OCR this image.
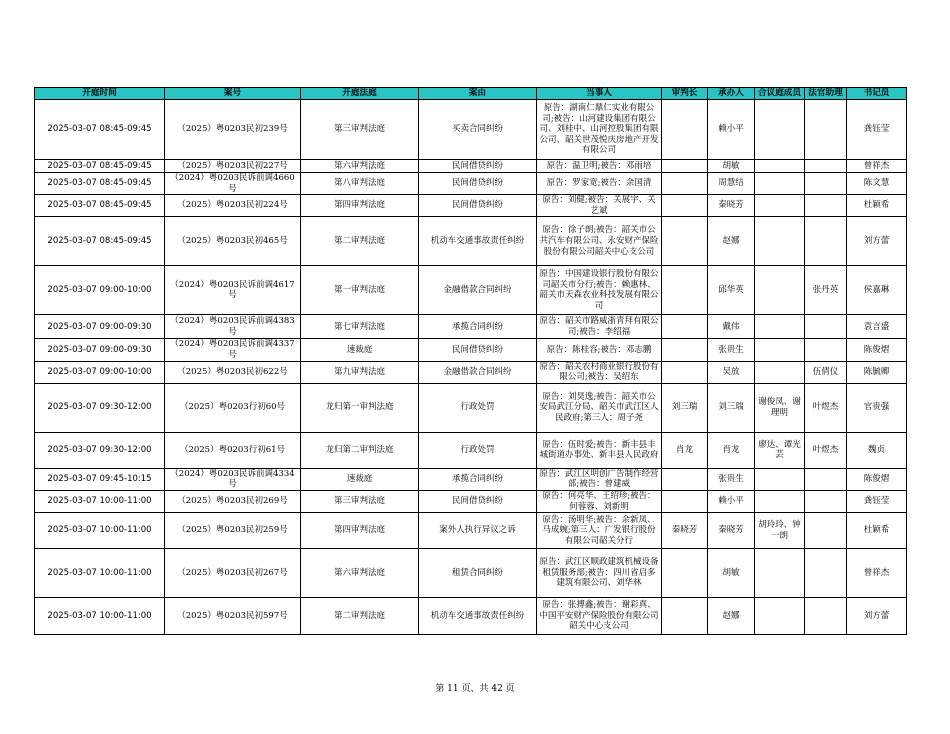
开庭时间	案号	开庭法庭	案由	当事人	审判长	承办人	合议庭成员	法官助理	书记员
2025-03-07 08:45-09:45	（2025）粤0203民初239号	第三审判法庭	买卖合同纠纷	原告：湖南仁鼎仁实业有限公司;被告：山河建设集团有限公司、刘桂中、山河控股集团有限公司、韶关世茂悦庆房地产开发有限公司		赖小平			龚钰莹
2025-03-07 08:45-09:45	（2025）粤0203民初227号	第六审判法庭	民间借贷纠纷	原告：温卫明;被告：邓雨培		胡敏			曾祥杰
2025-03-07 08:45-09:45	（2024）粤0203民诉前调4660号	第八审判法庭	民间借贷纠纷	原告：罗家宽;被告：余国清		周慧结			陈文慧
2025-03-07 08:45-09:45	（2025）粤0203民初224号	第四审判法庭	民间借贷纠纷	原告：刘健;被告：关展宇、关艺斌		秦晓芳			杜颖希
2025-03-07 08:45-09:45	（2025）粤0203民初465号	第二审判法庭	机动车交通事故责任纠纷	原告：徐子朗;被告：韶关市公共汽车有限公司、永安财产保险股份有限公司韶关中心支公司		赵娜			刘方蕾
2025-03-07 09:00-10:00	（2024）粤0203民诉前调4617号	第一审判法庭	金融借款合同纠纷	原告：中国建设银行股份有限公司韶关市分行;被告：赖惠林、韶关市天森农业科技发展有限公司		邱华英		张丹英	侯嘉琳
2025-03-07 09:00-09:30	（2024）粤0203民诉前调4383号	第七审判法庭	承揽合同纠纷	原告：韶关市路威浙青拜有限公司;被告：李绍福		戴伟			袁言盛
2025-03-07 09:00-09:30	（2024）粤0203民诉前调4337号	速裁庭	民间借贷纠纷	原告：陈桂容;被告：邓志鹏		张贵生			陈俊熠
2025-03-07 09:00-10:00	（2025）粤0203民初622号	第九审判法庭	金融借款合同纠纷	原告：韶关农村商业银行股份有限公司;被告：吴绍东		吴放		伍倩仪	陈毓卿
2025-03-07 09:30-12:00	（2025）粤0203行初60号	龙归第一审判法庭	行政处罚	原告：刘昊逸;被告：韶关市公安局武江分局、韶关市武江区人民政府;第三人：周子尧	刘三瑞	刘三瑞	谢俊凤、谢理明	叶煜杰	官贵强
2025-03-07 09:30-12:00	（2025）粤0203行初61号	龙归第二审判法庭	行政处罚	原告：伍时爱;被告：新丰县丰城街道办事处、新丰县人民政府	肖龙	肖龙	廖达、谭光芸	叶煜杰	魏贞
2025-03-07 09:45-10:15	（2024）粤0203民诉前调4334号	速裁庭	承揽合同纠纷	原告：武江区明创广告制作经营部;被告：曾建威		张贵生			陈俊熠
2025-03-07 10:00-11:00	（2025）粤0203民初269号	第三审判法庭	民间借贷纠纷	原告：何亮华、王绍珍;被告：何蓉蓉、刘新明		赖小平			龚钰莹
2025-03-07 10:00-11:00	（2025）粤0203民初259号	第四审判法庭	案外人执行异议之诉	原告：汤明华;被告：余新凤、马成婉;第三人：广发银行股份有限公司韶关分行	秦晓芳	秦晓芳	胡玲玲、钟一朗		杜颖希
2025-03-07 10:00-11:00	（2025）粤0203民初267号	第六审判法庭	租赁合同纠纷	原告：武江区顺政建筑机械设备租赁服务部;被告：四川省启多建筑有限公司、刘华林		胡敏			曾祥杰
2025-03-07 10:00-11:00	（2025）粤0203民初597号	第二审判法庭	机动车交通事故责任纠纷	原告：张搏鑫;被告：谢彩真、中国平安财产保险股份有限公司韶关中心支公司		赵娜			刘方蕾
第 11 页、共 42 页
